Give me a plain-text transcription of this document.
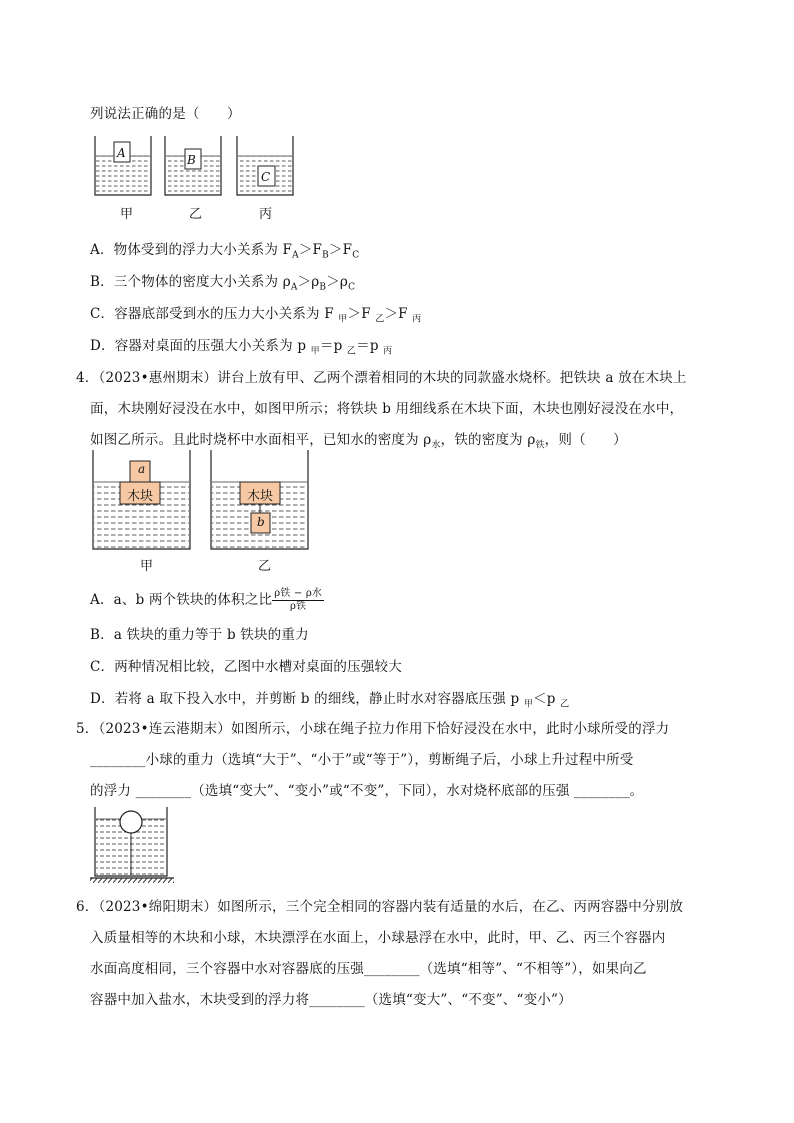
列说法正确的是（　　）
A	B
C
甲	乙	丙
A．物体受到的浮力大小关系为 $F_A>F_B>F_C$
B．三个物体的密度大小关系为 $\rho_A>\rho_B>\rho_C$
C．容器底部受到水的压力大小关系为 F $_甲$＞F $_乙$＞F $_丙$
D．容器对桌面的压强大小关系为 p $_甲$＝p $_乙$＝p $_丙$
4．（2023•惠州期末）讲台上放有甲、乙两个漂着相同的木块的同款盛水烧杯。把铁块 a 放在木块上
面，木块刚好浸没在水中，如图甲所示；将铁块 b 用细线系在木块下面，木块也刚好浸没在水中，
如图乙所示。且此时烧杯中水面相平，已知水的密度为 $\rho_水$，铁的密度为 $\rho_铁$，则（　　）
a
木块	木块
b
甲	乙
A．a、b 两个铁块的体积之比 $\frac{\text{ρ铁 − ρ水}}{\text{ρ铁}}$
B．a 铁块的重力等于 b 铁块的重力
C．两种情况相比较，乙图中水槽对桌面的压强较大
D．若将 a 取下投入水中，并剪断 b 的细线，静止时水对容器底压强 p $_甲$＜p $_乙$
5．（2023•连云港期末）如图所示，小球在绳子拉力作用下恰好浸没在水中，此时小球所受的浮力
________小球的重力（选填“大于”、“小于”或“等于”），剪断绳子后，小球上升过程中所受
的浮力 ________（选填“变大”、“变小”或“不变”，下同），水对烧杯底部的压强 ________。
6．（2023•绵阳期末）如图所示，三个完全相同的容器内装有适量的水后，在乙、丙两容器中分别放
入质量相等的木块和小球，木块漂浮在水面上，小球悬浮在水中，此时，甲、乙、丙三个容器内
水面高度相同，三个容器中水对容器底的压强________（选填“相等”、“不相等”），如果向乙
容器中加入盐水，木块受到的浮力将________（选填“变大”、“不变”、“变小”）
